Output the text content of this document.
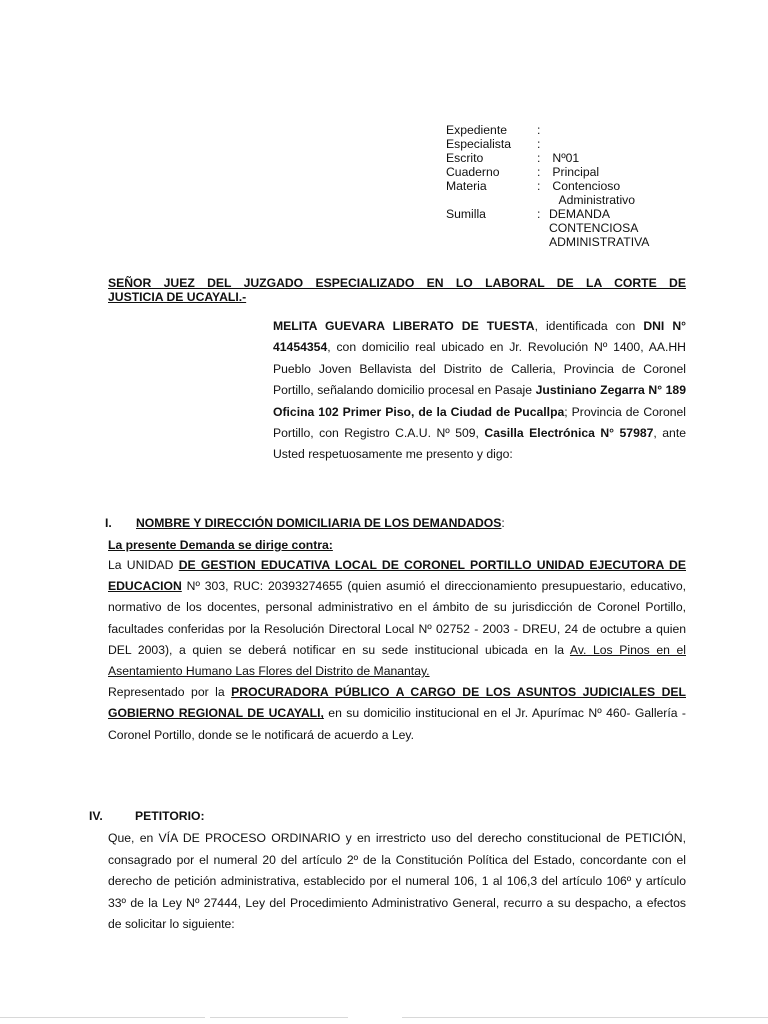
Expediente	:
Especialista	:
Escrito	: Nº01
Cuaderno	: Principal
Materia	: Contencioso
Administrativo
Sumilla	: DEMANDA
CONTENCIOSA
ADMINISTRATIVA
SEÑOR JUEZ DEL JUZGADO ESPECIALIZADO EN LO LABORAL DE LA CORTE DE
JUSTICIA DE UCAYALI.-
MELITA GUEVARA LIBERATO DE TUESTA, identificada con DNI N° 41454354, con domicilio real ubicado en Jr. Revolución Nº 1400, AA.HH Pueblo Joven Bellavista del Distrito de Calleria, Provincia de Coronel Portillo, señalando domicilio procesal en Pasaje Justiniano Zegarra N° 189 Oficina 102 Primer Piso, de la Ciudad de Pucallpa; Provincia de Coronel Portillo, con Registro C.A.U. Nº 509, Casilla Electrónica N° 57987, ante Usted respetuosamente me presento y digo:
I. NOMBRE Y DIRECCIÓN DOMICILIARIA DE LOS DEMANDADOS:
La presente Demanda se dirige contra:
La UNIDAD DE GESTION EDUCATIVA LOCAL DE CORONEL PORTILLO UNIDAD EJECUTORA DE EDUCACION Nº 303, RUC: 20393274655 (quien asumió el direccionamiento presupuestario, educativo, normativo de los docentes, personal administrativo en el ámbito de su jurisdicción de Coronel Portillo, facultades conferidas por la Resolución Directoral Local Nº 02752 - 2003 - DREU, 24 de octubre a quien DEL 2003), a quien se deberá notificar en su sede institucional ubicada en la Av. Los Pinos en el Asentamiento Humano Las Flores del Distrito de Manantay.
Representado por la PROCURADORA PÚBLICO A CARGO DE LOS ASUNTOS JUDICIALES DEL GOBIERNO REGIONAL DE UCAYALI, en su domicilio institucional en el Jr. Apurímac Nº 460- Gallería - Coronel Portillo, donde se le notificará de acuerdo a Ley.
IV.	PETITORIO:
Que, en VÍA DE PROCESO ORDINARIO y en irrestricto uso del derecho constitucional de PETICIÓN, consagrado por el numeral 20 del artículo 2º de la Constitución Política del Estado, concordante con el derecho de petición administrativa, establecido por el numeral 106, 1 al 106,3 del artículo 106º y artículo 33º de la Ley Nº 27444, Ley del Procedimiento Administrativo General, recurro a su despacho, a efectos de solicitar lo siguiente:
